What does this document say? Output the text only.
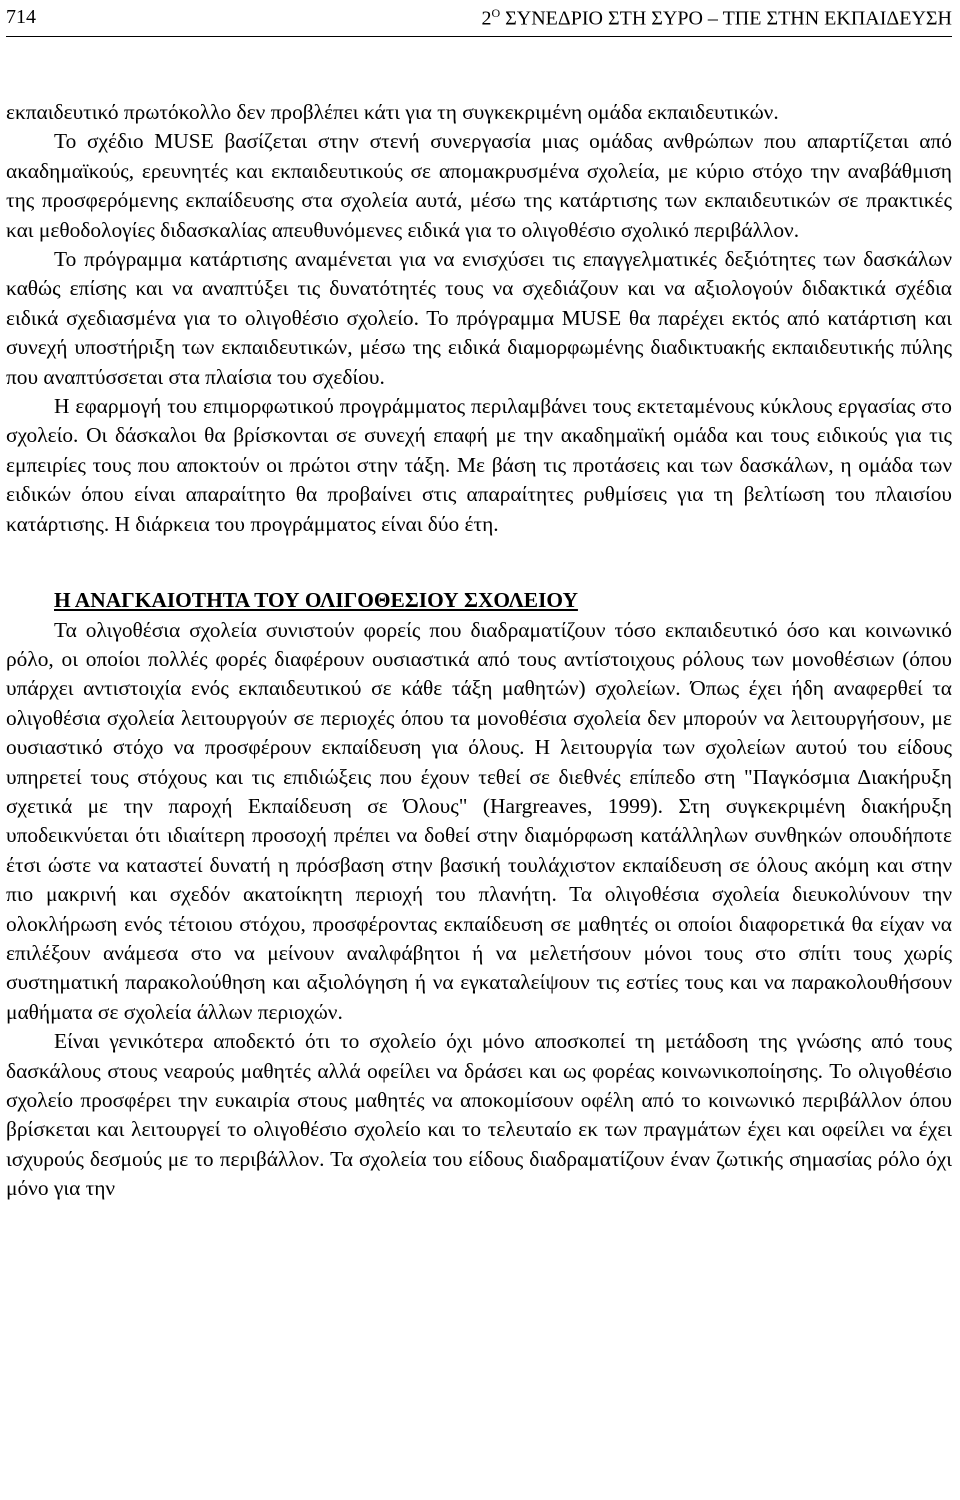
714	$2^O$ ΣΥΝΕΔΡΙΟ ΣΤΗ ΣΥΡΟ – ΤΠΕ ΣΤΗΝ ΕΚΠΑΙΔΕΥΣΗ

εκπαιδευτικό πρωτόκολλο δεν προβλέπει κάτι για τη συγκεκριμένη ομάδα εκπαιδευτικών.

Το σχέδιο MUSE βασίζεται στην στενή συνεργασία μιας ομάδας ανθρώπων που απαρτίζεται από ακαδημαϊκούς, ερευνητές και εκπαιδευτικούς σε απομακρυσμένα σχολεία, με κύριο στόχο την αναβάθμιση της προσφερόμενης εκπαίδευσης στα σχολεία αυτά, μέσω της κατάρτισης των εκπαιδευτικών σε πρακτικές και μεθοδολογίες διδασκαλίας απευθυνόμενες ειδικά για το ολιγοθέσιο σχολικό περιβάλλον.

Το πρόγραμμα κατάρτισης αναμένεται για να ενισχύσει τις επαγγελματικές δεξιότητες των δασκάλων καθώς επίσης και να αναπτύξει τις δυνατότητές τους να σχεδιάζουν και να αξιολογούν διδακτικά σχέδια ειδικά σχεδιασμένα για το ολιγοθέσιο σχολείο. Το πρόγραμμα MUSE θα παρέχει εκτός από κατάρτιση και συνεχή υποστήριξη των εκπαιδευτικών, μέσω της ειδικά διαμορφωμένης διαδικτυακής εκπαιδευτικής πύλης που αναπτύσσεται στα πλαίσια του σχεδίου.

Η εφαρμογή του επιμορφωτικού προγράμματος περιλαμβάνει τους εκτεταμένους κύκλους εργασίας στο σχολείο. Οι δάσκαλοι θα βρίσκονται σε συνεχή επαφή με την ακαδημαϊκή ομάδα και τους ειδικούς για τις εμπειρίες τους που αποκτούν οι πρώτοι στην τάξη. Με βάση τις προτάσεις και των δασκάλων, η ομάδα των ειδικών όπου είναι απαραίτητο θα προβαίνει στις απαραίτητες ρυθμίσεις για τη βελτίωση του πλαισίου κατάρτισης. Η διάρκεια του προγράμματος είναι δύο έτη.

Η ΑΝΑΓΚΑΙΟΤΗΤΑ ΤΟΥ ΟΛΙΓΟΘΕΣΙΟΥ ΣΧΟΛΕΙΟΥ

Τα ολιγοθέσια σχολεία συνιστούν φορείς που διαδραματίζουν τόσο εκπαιδευτικό όσο και κοινωνικό ρόλο, οι οποίοι πολλές φορές διαφέρουν ουσιαστικά από τους αντίστοιχους ρόλους των μονοθέσιων (όπου υπάρχει αντιστοιχία ενός εκπαιδευτικού σε κάθε τάξη μαθητών) σχολείων. Όπως έχει ήδη αναφερθεί τα ολιγοθέσια σχολεία λειτουργούν σε περιοχές όπου τα μονοθέσια σχολεία δεν μπορούν να λειτουργήσουν, με ουσιαστικό στόχο να προσφέρουν εκπαίδευση για όλους. Η λειτουργία των σχολείων αυτού του είδους υπηρετεί τους στόχους και τις επιδιώξεις που έχουν τεθεί σε διεθνές επίπεδο στη "Παγκόσμια Διακήρυξη σχετικά με την παροχή Εκπαίδευση σε Όλους" (Hargreaves, 1999). Στη συγκεκριμένη διακήρυξη υποδεικνύεται ότι ιδιαίτερη προσοχή πρέπει να δοθεί στην διαμόρφωση κατάλληλων συνθηκών οπουδήποτε έτσι ώστε να καταστεί δυνατή η πρόσβαση στην βασική τουλάχιστον εκπαίδευση σε όλους ακόμη και στην πιο μακρινή και σχεδόν ακατοίκητη περιοχή του πλανήτη. Τα ολιγοθέσια σχολεία διευκολύνουν την ολοκλήρωση ενός τέτοιου στόχου, προσφέροντας εκπαίδευση σε μαθητές οι οποίοι διαφορετικά θα είχαν να επιλέξουν ανάμεσα στο να μείνουν αναλφάβητοι ή να μελετήσουν μόνοι τους στο σπίτι τους χωρίς συστηματική παρακολούθηση και αξιολόγηση ή να εγκαταλείψουν τις εστίες τους και να παρακολουθήσουν μαθήματα σε σχολεία άλλων περιοχών.

Είναι γενικότερα αποδεκτό ότι το σχολείο όχι μόνο αποσκοπεί τη μετάδοση της γνώσης από τους δασκάλους στους νεαρούς μαθητές αλλά οφείλει να δράσει και ως φορέας κοινωνικοποίησης. Το ολιγοθέσιο σχολείο προσφέρει την ευκαιρία στους μαθητές να αποκομίσουν οφέλη από το κοινωνικό περιβάλλον όπου βρίσκεται και λειτουργεί το ολιγοθέσιο σχολείο και το τελευταίο εκ των πραγμάτων έχει και οφείλει να έχει ισχυρούς δεσμούς με το περιβάλλον. Τα σχολεία του είδους διαδραματίζουν έναν ζωτικής σημασίας ρόλο όχι μόνο για την
